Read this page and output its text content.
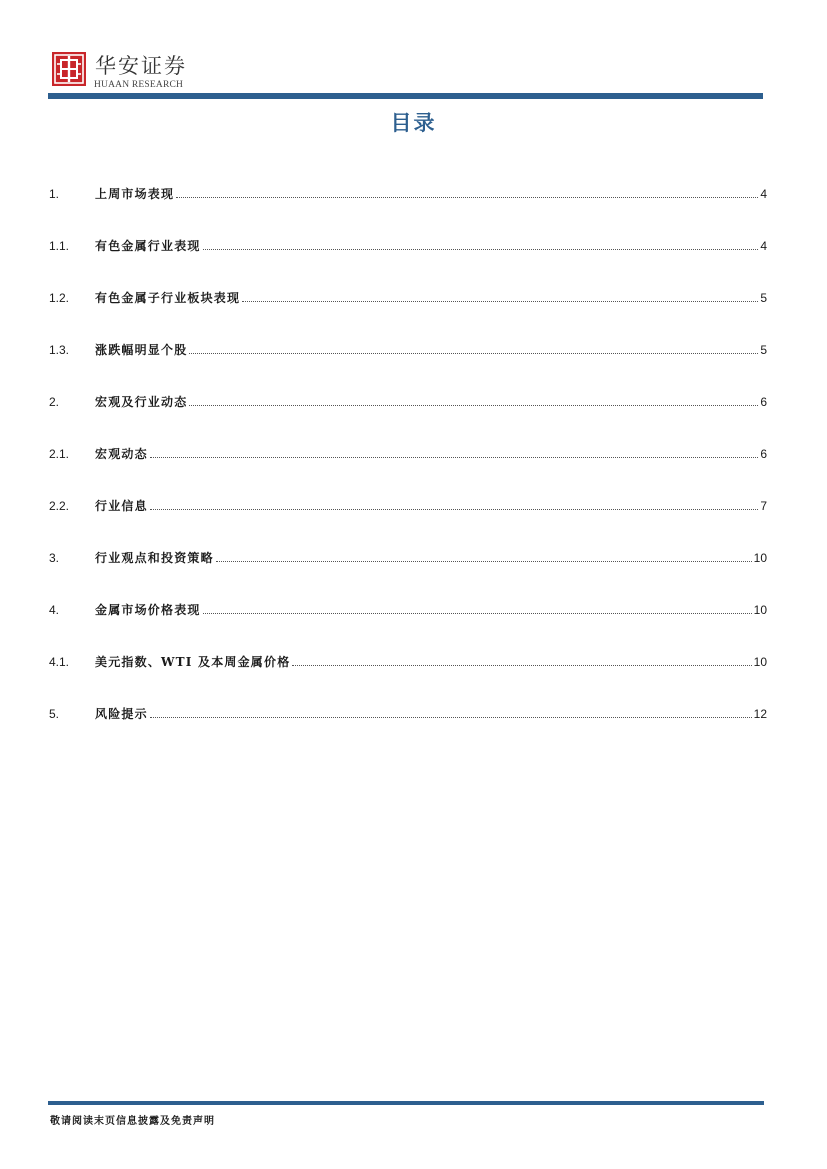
华安证券
HUAAN RESEARCH
目录
1.	上周市场表现	4
1.1.	有色金属行业表现	4
1.2.	有色金属子行业板块表现	5
1.3.	涨跌幅明显个股	5
2.	宏观及行业动态	6
2.1.	宏观动态	6
2.2.	行业信息	7
3.	行业观点和投资策略	10
4.	金属市场价格表现	10
4.1.	美元指数、WTI 及本周金属价格	10
5.	风险提示	12
敬请阅读末页信息披露及免责声明
